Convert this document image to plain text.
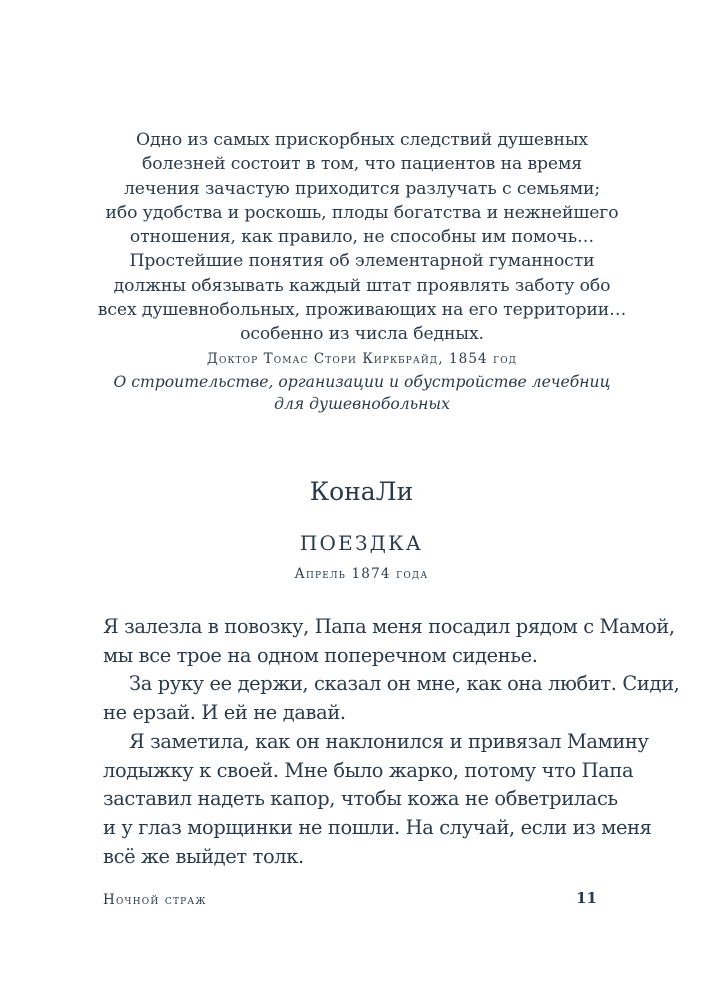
Одно из самых прискорбных следствий душевных
болезней состоит в том, что пациентов на время
лечения зачастую приходится разлучать с семьями;
ибо удобства и роскошь, плоды богатства и нежнейшего
отношения, как правило, не способны им помочь…
Простейшие понятия об элементарной гуманности
должны обязывать каждый штат проявлять заботу обо
всех душевнобольных, проживающих на его территории…
особенно из числа бедных.
Доктор Томас Стори Киркбрайд, 1854 год
О строительстве, организации и обустройстве лечебниц
для душевнобольных
КонаЛи
ПОЕЗДКА
Апрель 1874 года
Я залезла в повозку, Папа меня посадил рядом с Мамой,
мы все трое на одном поперечном сиденье.
За руку ее держи, сказал он мне, как она любит. Сиди,
не ерзай. И ей не давай.
Я заметила, как он наклонился и привязал Мамину
лодыжку к своей. Мне было жарко, потому что Папа
заставил надеть капор, чтобы кожа не обветрилась
и у глаз морщинки не пошли. На случай, если из меня
всё же выйдет толк.
Ночной страж	11
